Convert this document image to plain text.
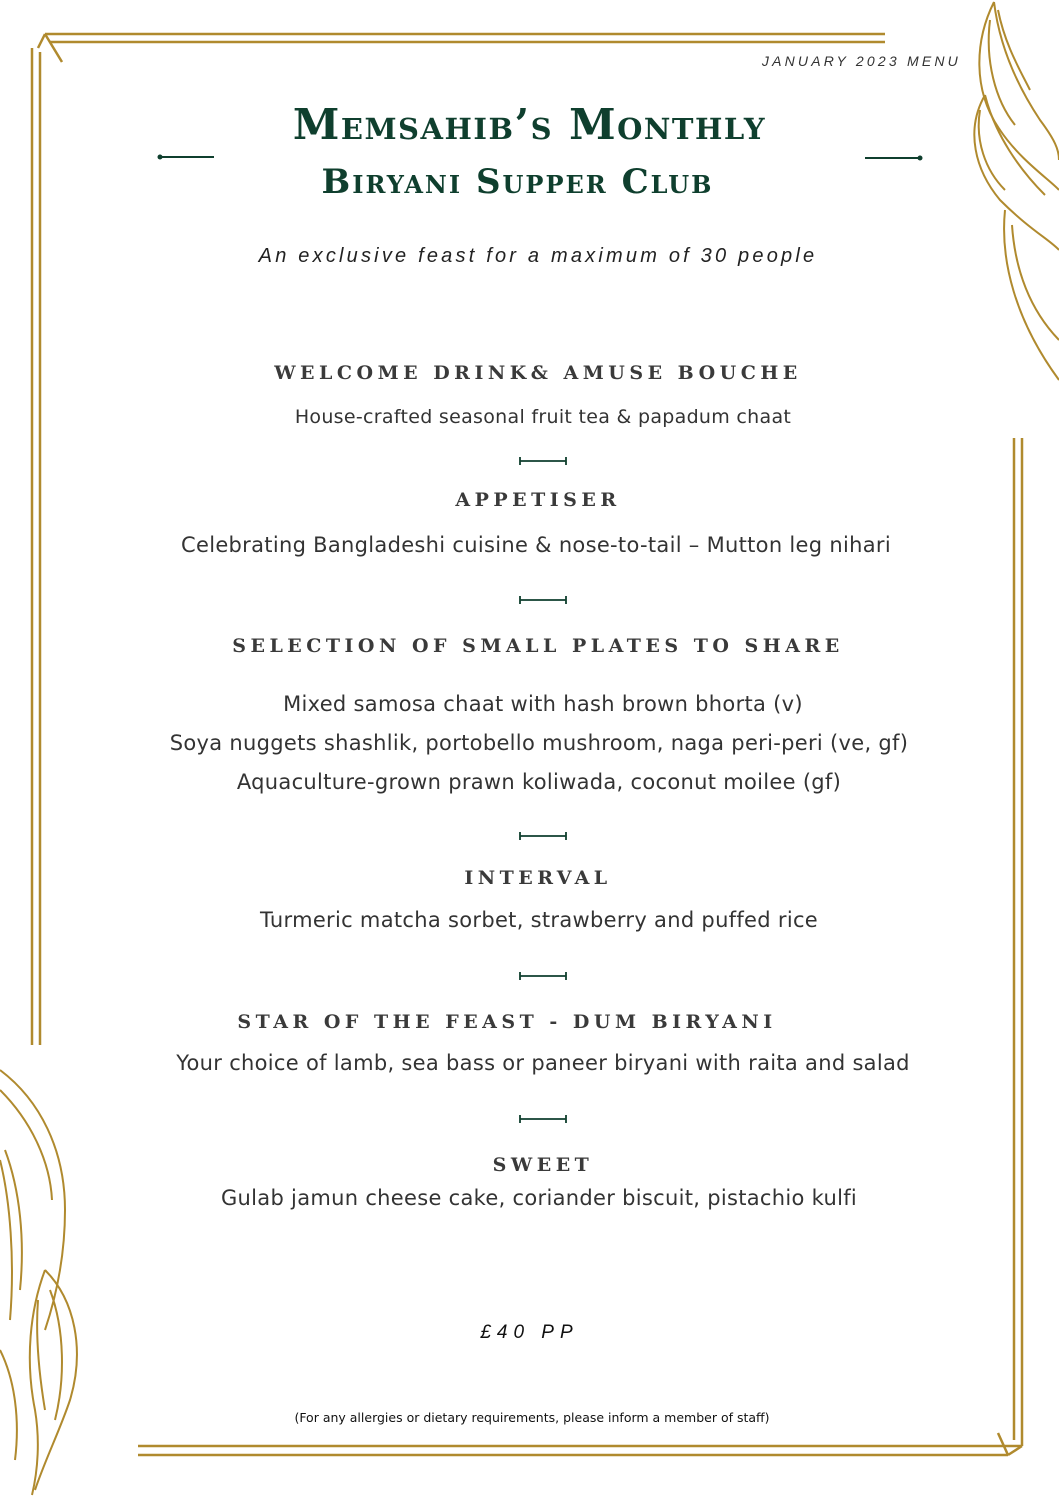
JANUARY 2023 MENU
Memsahib’s Monthly
Biryani Supper Club
An exclusive feast for a maximum of 30 people
WELCOME DRINK& AMUSE BOUCHE
House-crafted seasonal fruit tea & papadum chaat
APPETISER
Celebrating Bangladeshi cuisine & nose-to-tail – Mutton leg nihari
SELECTION OF SMALL PLATES TO SHARE
Mixed samosa chaat with hash brown bhorta (v)
Soya nuggets shashlik, portobello mushroom, naga peri-peri (ve, gf)
Aquaculture-grown prawn koliwada, coconut moilee (gf)
INTERVAL
Turmeric matcha sorbet, strawberry and puffed rice
STAR OF THE FEAST - DUM BIRYANI
Your choice of lamb, sea bass or paneer biryani with raita and salad
SWEET
Gulab jamun cheese cake, coriander biscuit, pistachio kulfi
£40 PP
(For any allergies or dietary requirements, please inform a member of staff)
